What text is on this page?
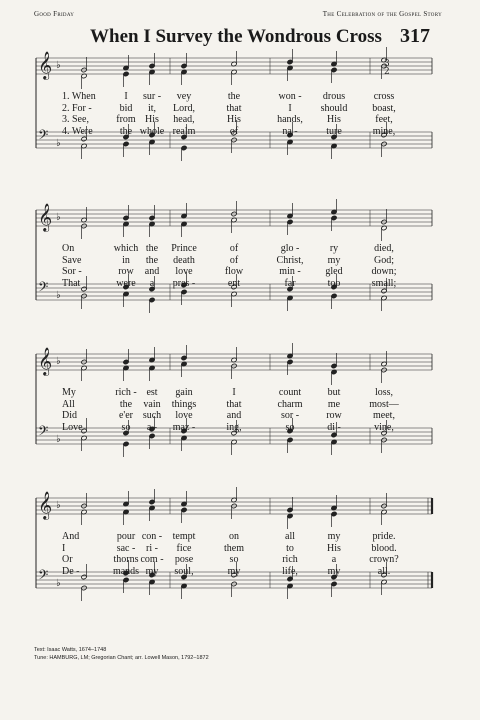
Good Friday	The Celebration of the Gospel Story
When I Survey the Wondrous Cross 317
𝄞
𝄢
♭
♭
3
2
𝄞
𝄢
♭
♭
𝄞
𝄢
♭
♭
𝄞
𝄢
♭
♭
1. When	I sur - vey	the	won - drous	cross
2. For -	bid it, Lord,	that	I	should boast,
3. See,	from His head,	His	hands, His	feet,
4. Were	the whole realm	of	na -	ture	mine,
On	which the Prince	of	glo -	ry	died,
Save	in the death	of	Christ, my	God;
Sor -	row and love	flow	min - gled	down;
That	were a pres -	ent	far	too	small;
My	rich - est gain	I	count	but	loss,
All	the vain things	that	charm	me	most—
Did	e'er such love	and	sor -	row	meet,
Love	so a - maz -	ing,	so	di -	vine,
And	pour con - tempt	on	all	my	pride.
I	sac - ri - fice	them	to	His	blood.
Or	thorns com - pose	so	rich	a	crown?
De -	mands my soul,	my	life,	my	all.
Text: Isaac Watts, 1674–1748
Tune: HAMBURG, LM; Gregorian Chant; arr. Lowell Mason, 1792–1872
